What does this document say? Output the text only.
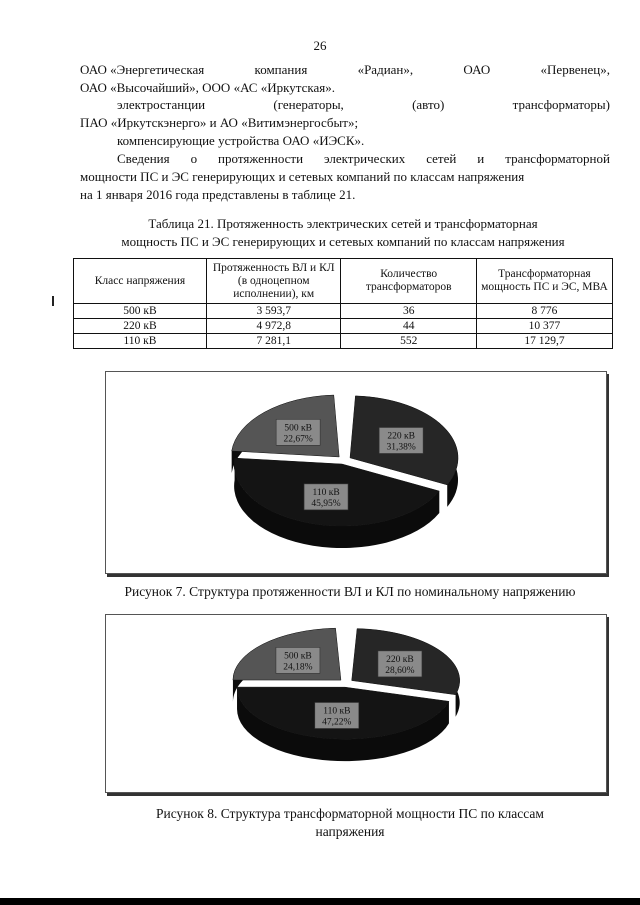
26
ОАО «Энергетическая	компания	«Радиан»,	ОАО	«Первенец»,
ОАО «Высочайший», ООО «АС «Иркутская».
электростанции	(генераторы,	(авто)	трансформаторы)
ПАО «Иркутскэнерго» и АО «Витимэнергосбыт»;
компенсирующие устройства ОАО «ИЭСК».
Сведения о протяженности электрических сетей и трансформаторной
мощности ПС и ЭС генерирующих и сетевых компаний по классам напряжения
на 1 января 2016 года представлены в таблице 21.
Таблица 21. Протяженность электрических сетей и трансформаторная
мощность ПС и ЭС генерирующих и сетевых компаний по классам напряжения
Класс напряжения	Протяженность ВЛ и КЛ (в одноцепном исполнении), км	Количество трансформаторов	Трансформаторная мощность ПС и ЭС, МВА
500 кВ	3 593,7	36	8 776
220 кВ	4 972,8	44	10 377
110 кВ	7 281,1	552	17 129,7
500 кВ
22,67%	220 кВ
31,38%
110 кВ
45,95%
Рисунок 7. Структура протяженности ВЛ и КЛ по номинальному напряжению
500 кВ
24,18%
220 кВ
28,60%
110 кВ
47,22%
Рисунок 8. Структура трансформаторной мощности ПС по классам
напряжения
